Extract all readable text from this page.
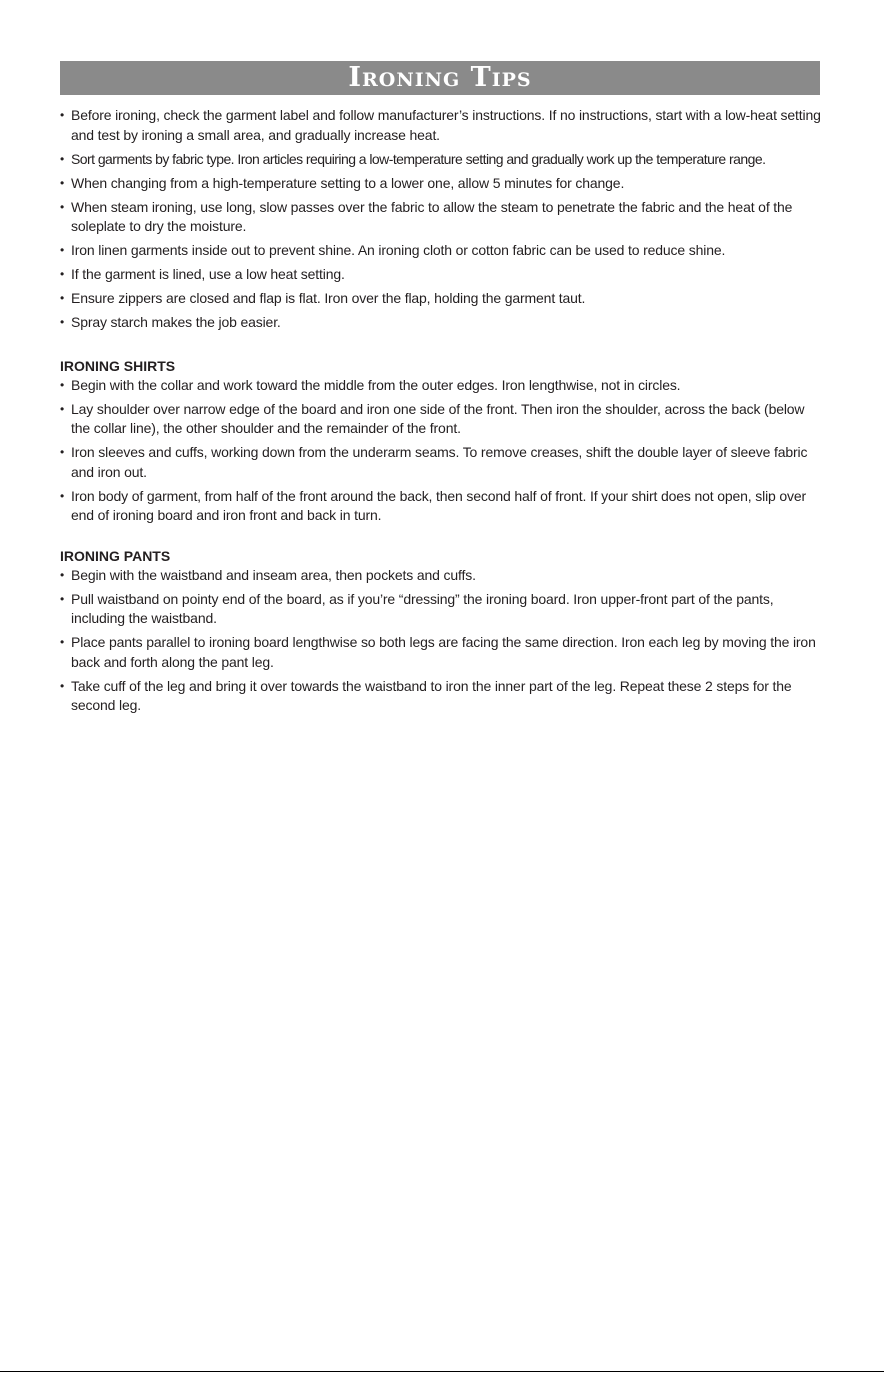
Ironing Tips
• Before ironing, check the garment label and follow manufacturer’s instructions. If no instructions, start with a low-heat setting and test by ironing a small area, and gradually increase heat.
• Sort garments by fabric type. Iron articles requiring a low-temperature setting and gradually work up the temperature range.
• When changing from a high-temperature setting to a lower one, allow 5 minutes for change.
• When steam ironing, use long, slow passes over the fabric to allow the steam to penetrate the fabric and the heat of the soleplate to dry the moisture.
• Iron linen garments inside out to prevent shine. An ironing cloth or cotton fabric can be used to reduce shine.
• If the garment is lined, use a low heat setting.
• Ensure zippers are closed and flap is flat. Iron over the flap, holding the garment taut.
• Spray starch makes the job easier.
IRONING SHIRTS
• Begin with the collar and work toward the middle from the outer edges. Iron lengthwise, not in circles.
• Lay shoulder over narrow edge of the board and iron one side of the front. Then iron the shoulder, across the back (below the collar line), the other shoulder and the remainder of the front.
• Iron sleeves and cuffs, working down from the underarm seams. To remove creases, shift the double layer of sleeve fabric and iron out.
• Iron body of garment, from half of the front around the back, then second half of front. If your shirt does not open, slip over end of ironing board and iron front and back in turn.
IRONING PANTS
• Begin with the waistband and inseam area, then pockets and cuffs.
• Pull waistband on pointy end of the board, as if you’re “dressing” the ironing board. Iron upper-front part of the pants, including the waistband.
• Place pants parallel to ironing board lengthwise so both legs are facing the same direction. Iron each leg by moving the iron back and forth along the pant leg.
• Take cuff of the leg and bring it over towards the waistband to iron the inner part of the leg. Repeat these 2 steps for the second leg.
